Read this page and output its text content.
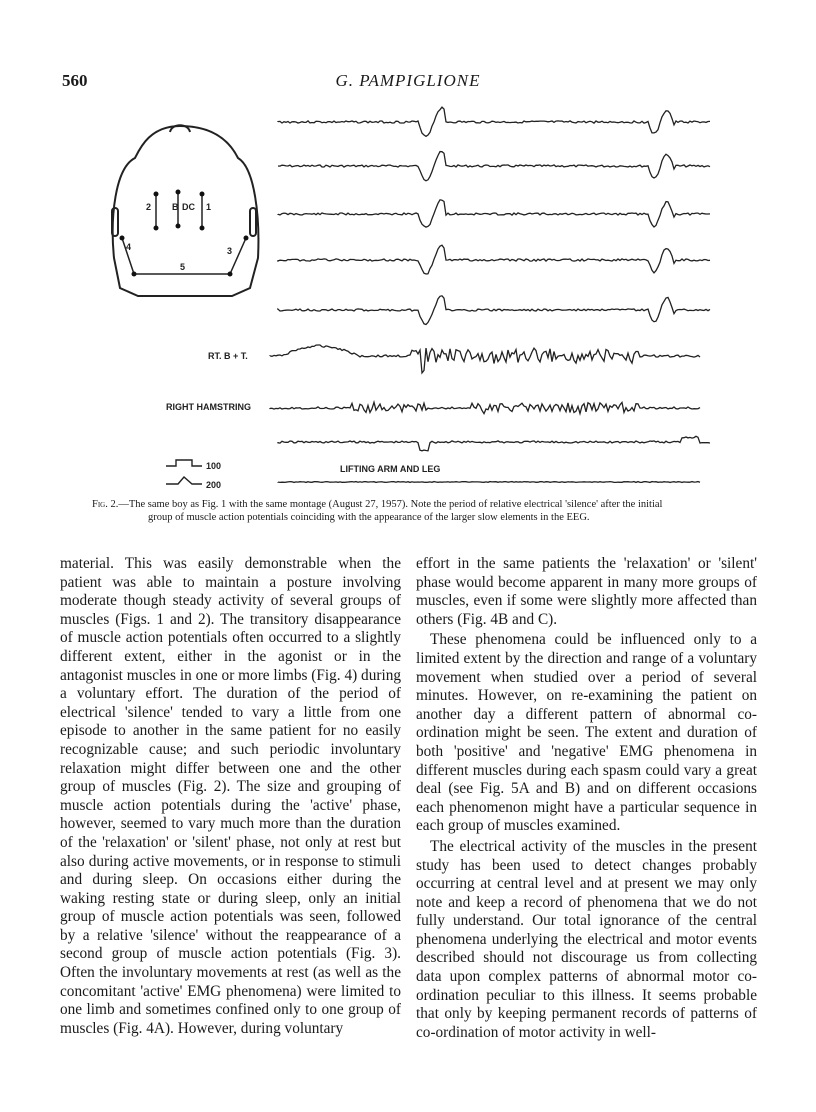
560	G. PAMPIGLIONE
2 B DC 1
4	3
5
RT. B + T.
RIGHT HAMSTRING
LIFTING ARM AND LEG
100
200
Fig. 2.—The same boy as Fig. 1 with the same montage (August 27, 1957). Note the period of relative electrical 'silence' after the initial
group of muscle action potentials coinciding with the appearance of the larger slow elements in the EEG.

material. This was easily demonstrable when the patient was able to maintain a posture involving moderate though steady activity of several groups of muscles (Figs. 1 and 2). The transitory disappearance of muscle action potentials often occurred to a slightly different extent, either in the agonist or in the antagonist muscles in one or more limbs (Fig. 4) during a voluntary effort. The duration of the period of electrical 'silence' tended to vary a little from one episode to another in the same patient for no easily recognizable cause; and such periodic involuntary relaxation might differ between one and the other group of muscles (Fig. 2). The size and grouping of muscle action potentials during the 'active' phase, however, seemed to vary much more than the duration of the 'relaxation' or 'silent' phase, not only at rest but also during active movements, or in response to stimuli and during sleep. On occasions either during the waking resting state or during sleep, only an initial group of muscle action potentials was seen, followed by a relative 'silence' without the reappearance of a second group of muscle action potentials (Fig. 3). Often the involuntary movements at rest (as well as the concomitant 'active' EMG phenomena) were limited to one limb and sometimes confined only to one group of muscles (Fig. 4A). However, during voluntary

effort in the same patients the 'relaxation' or 'silent' phase would become apparent in many more groups of muscles, even if some were slightly more affected than others (Fig. 4B and C).

These phenomena could be influenced only to a limited extent by the direction and range of a voluntary movement when studied over a period of several minutes. However, on re-examining the patient on another day a different pattern of abnormal co-ordination might be seen. The extent and duration of both 'positive' and 'negative' EMG phenomena in different muscles during each spasm could vary a great deal (see Fig. 5A and B) and on different occasions each phenomenon might have a particular sequence in each group of muscles examined.

The electrical activity of the muscles in the present study has been used to detect changes probably occurring at central level and at present we may only note and keep a record of phenomena that we do not fully understand. Our total ignorance of the central phenomena underlying the electrical and motor events described should not discourage us from collecting data upon complex patterns of abnormal motor co-ordination peculiar to this illness. It seems probable that only by keeping permanent records of patterns of co-ordination of motor activity in well-
